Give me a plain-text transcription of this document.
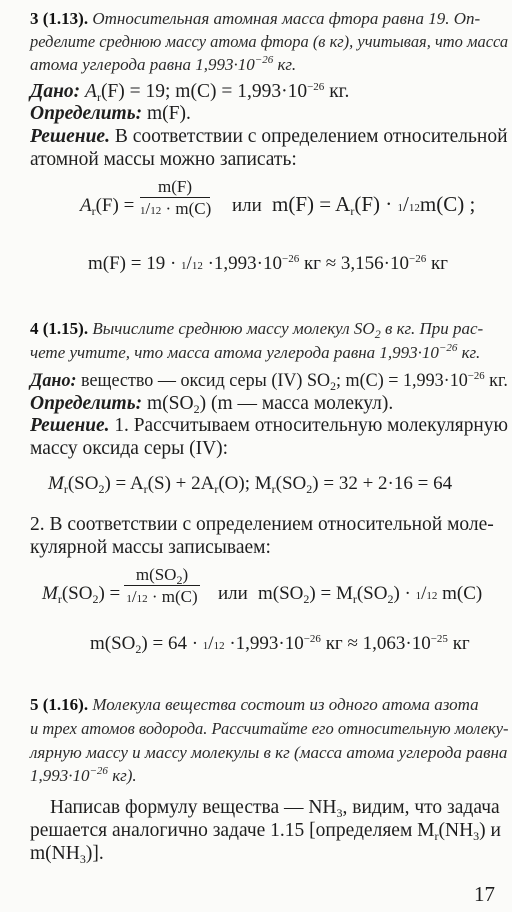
3 (1.13). Относительная атомная масса фтора равна 19. Оп-
ределите среднюю массу атома фтора (в кг), учитывая, что масса
атома углерода равна $1,993\cdot 10^{-26}$ кг.
Дано: $A_r(F) = 19$; $m(C) = 1,993\cdot 10^{-26}$ кг.
Определить: m(F).
Решение. В соответствии с определением относительной
атомной массы можно записать:
$A_r(F)$ =
m(F)
1/12 · m(C) или $m(F) = A_r(F) \cdot 1/12m(C)$ ;
$m(F) = 19 \cdot 1/12 \cdot 1,993\cdot 10^{-26}$ кг ≈ $3,156\cdot 10^{-26}$ кг
4 (1.15). Вычислите среднюю массу молекул $SO_2$ в кг. При рас-
чете учтите, что масса атома углерода равна $1,993\cdot 10^{-26}$ кг.
Дано: вещество — оксид серы (IV) $SO_2$; $m(C) = 1,993\cdot 10^{-26}$ кг.
Определить: $m(SO_2)$ (m — масса молекул).
Решение. 1. Рассчитываем относительную молекулярную
массу оксида серы (IV):
$M_r(SO_2) = A_r(S) + 2A_r(O)$; $M_r(SO_2) = 32 + 2\cdot 16 = 64$
2. В соответствии с определением относительной моле-
кулярной массы записываем:
$M_r(SO_2)$ =
$m(SO_2)$
1/12 · m(C) или $m(SO_2) = M_r(SO_2) \cdot 1/12$ m(C)
$m(SO_2) = 64 \cdot 1/12 \cdot 1,993\cdot 10^{-26}$ кг ≈ $1,063\cdot 10^{-25}$ кг
5 (1.16). Молекула вещества состоит из одного атома азота
и трех атомов водорода. Рассчитайте его относительную молеку-
лярную массу и массу молекулы в кг (масса атома углерода равна
$1,993\cdot 10^{-26}$ кг).
Написав формулу вещества — $NH_3$, видим, что задача
решается аналогично задаче 1.15 [определяем $M_r(NH_3)$ и
$m(NH_3)$].
17
